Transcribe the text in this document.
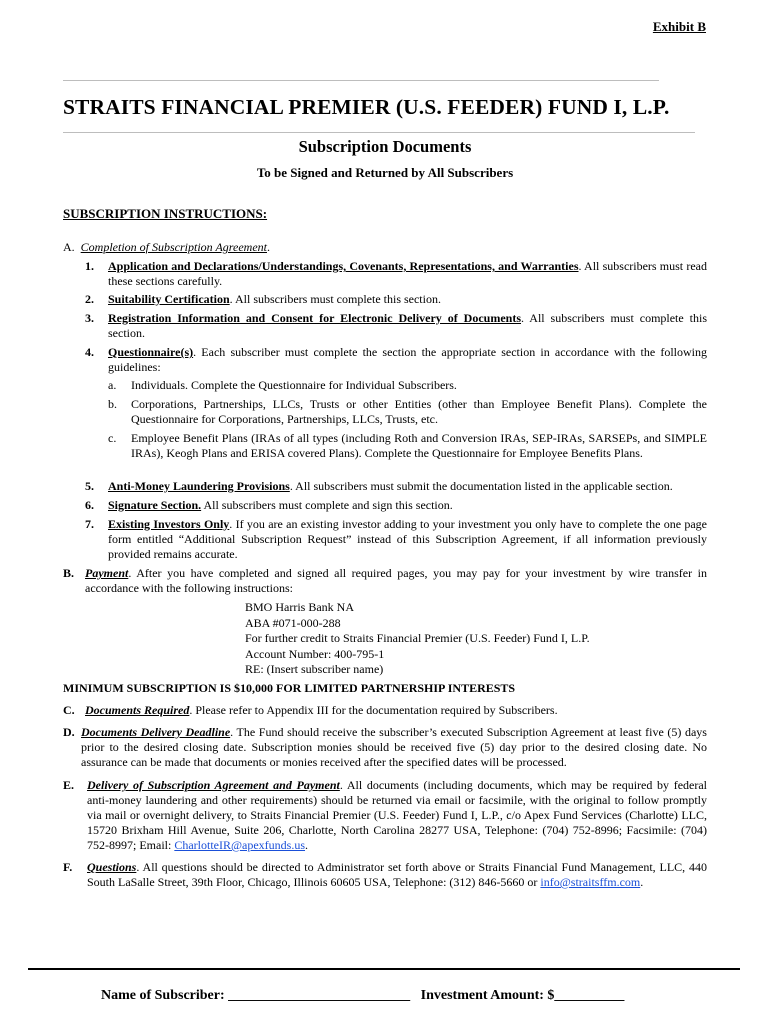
Exhibit B
STRAITS FINANCIAL PREMIER (U.S. FEEDER) FUND I, L.P.
Subscription Documents
To be Signed and Returned by All Subscribers
SUBSCRIPTION INSTRUCTIONS:
A. Completion of Subscription Agreement.
1. Application and Declarations/Understandings, Covenants, Representations, and Warranties. All subscribers must read these sections carefully.
2. Suitability Certification. All subscribers must complete this section.
3. Registration Information and Consent for Electronic Delivery of Documents. All subscribers must complete this section.
4. Questionnaire(s). Each subscriber must complete the section the appropriate section in accordance with the following guidelines:
a. Individuals. Complete the Questionnaire for Individual Subscribers.
b. Corporations, Partnerships, LLCs, Trusts or other Entities (other than Employee Benefit Plans). Complete the Questionnaire for Corporations, Partnerships, LLCs, Trusts, etc.
c. Employee Benefit Plans (IRAs of all types (including Roth and Conversion IRAs, SEP-IRAs, SARSEPs, and SIMPLE IRAs), Keogh Plans and ERISA covered Plans). Complete the Questionnaire for Employee Benefits Plans.
5. Anti-Money Laundering Provisions. All subscribers must submit the documentation listed in the applicable section.
6. Signature Section. All subscribers must complete and sign this section.
7. Existing Investors Only. If you are an existing investor adding to your investment you only have to complete the one page form entitled “Additional Subscription Request” instead of this Subscription Agreement, if all information previously provided remains accurate.
B. Payment. After you have completed and signed all required pages, you may pay for your investment by wire transfer in accordance with the following instructions:
BMO Harris Bank NA
ABA #071-000-288
For further credit to Straits Financial Premier (U.S. Feeder) Fund I, L.P.
Account Number: 400-795-1
RE: (Insert subscriber name)
MINIMUM SUBSCRIPTION IS $10,000 FOR LIMITED PARTNERSHIP INTERESTS
C. Documents Required. Please refer to Appendix III for the documentation required by Subscribers.
D. Documents Delivery Deadline. The Fund should receive the subscriber’s executed Subscription Agreement at least five (5) days prior to the desired closing date. Subscription monies should be received five (5) day prior to the desired closing date. No assurance can be made that documents or monies received after the specified dates will be processed.
E. Delivery of Subscription Agreement and Payment. All documents (including documents, which may be required by federal anti-money laundering and other requirements) should be returned via email or facsimile, with the original to follow promptly via mail or overnight delivery, to Straits Financial Premier (U.S. Feeder) Fund I, L.P., c/o Apex Fund Services (Charlotte) LLC, 15720 Brixham Hill Avenue, Suite 206, Charlotte, North Carolina 28277 USA, Telephone: (704) 752-8996; Facsimile: (704) 752-8997; Email: CharlotteIR@apexfunds.us.
F. Questions. All questions should be directed to Administrator set forth above or Straits Financial Fund Management, LLC, 440 South LaSalle Street, 39th Floor, Chicago, Illinois 60605 USA, Telephone: (312) 846-5660 or info@straitsffm.com.
Name of Subscriber: __________________________   Investment Amount: $__________
